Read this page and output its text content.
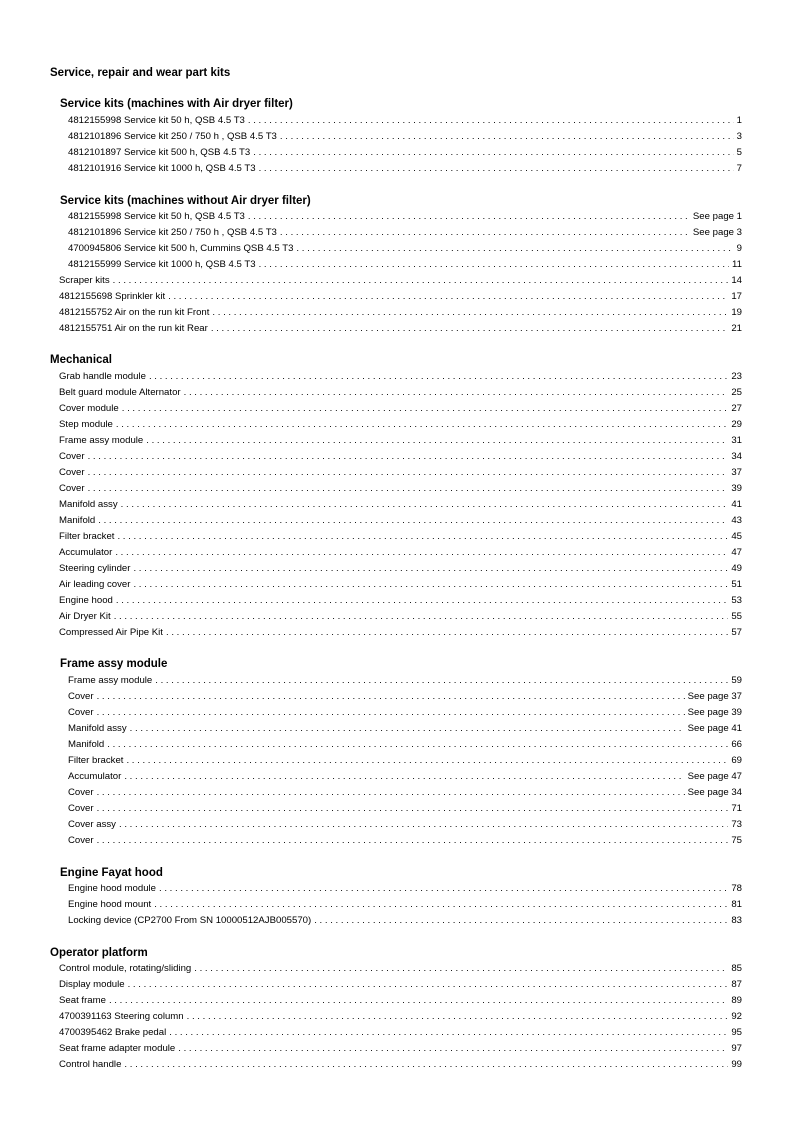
Service, repair and wear part kits
Service kits (machines with Air dryer filter)
4812155998 Service kit 50 h, QSB 4.5 T3 . . .	1
4812101896 Service kit 250 / 750 h , QSB 4.5 T3 . . .	3
4812101897 Service kit 500 h, QSB 4.5 T3 . . .	5
4812101916 Service kit 1000 h, QSB 4.5 T3 . . .	7
Service kits (machines without Air dryer filter)
4812155998 Service kit 50 h, QSB 4.5 T3 . . .	See page 1
4812101896 Service kit 250 / 750 h , QSB 4.5 T3 . . .	See page 3
4700945806 Service kit 500 h, Cummins QSB 4.5 T3 . . .	9
4812155999 Service kit 1000 h, QSB 4.5 T3 . . .	11
Scraper kits . . .	14
4812155698 Sprinkler kit . . .	17
4812155752 Air on the run kit Front . . .	19
4812155751 Air on the run kit Rear . . .	21
Mechanical
Grab handle module . . .	23
Belt guard module Alternator . . .	25
Cover module . . .	27
Step module . . .	29
Frame assy module . . .	31
Cover . . .	34
Cover . . .	37
Cover . . .	39
Manifold assy . . .	41
Manifold . . .	43
Filter bracket . . .	45
Accumulator . . .	47
Steering cylinder . . .	49
Air leading cover . . .	51
Engine hood . . .	53
Air Dryer Kit . . .	55
Compressed Air Pipe Kit . . .	57
Frame assy module
Frame assy module . . .	59
Cover . . .	See page 37
Cover . . .	See page 39
Manifold assy . . .	See page 41
Manifold . . .	66
Filter bracket . . .	69
Accumulator . . .	See page 47
Cover . . .	See page 34
Cover . . .	71
Cover assy . . .	73
Cover . . .	75
Engine Fayat hood
Engine hood module . . .	78
Engine hood mount . . .	81
Locking device (CP2700 From SN 10000512AJB005570) . . .	83
Operator platform
Control module, rotating/sliding . . .	85
Display module . . .	87
Seat frame . . .	89
4700391163 Steering column . . .	92
4700395462 Brake pedal . . .	95
Seat frame adapter module . . .	97
Control handle . . .	99
